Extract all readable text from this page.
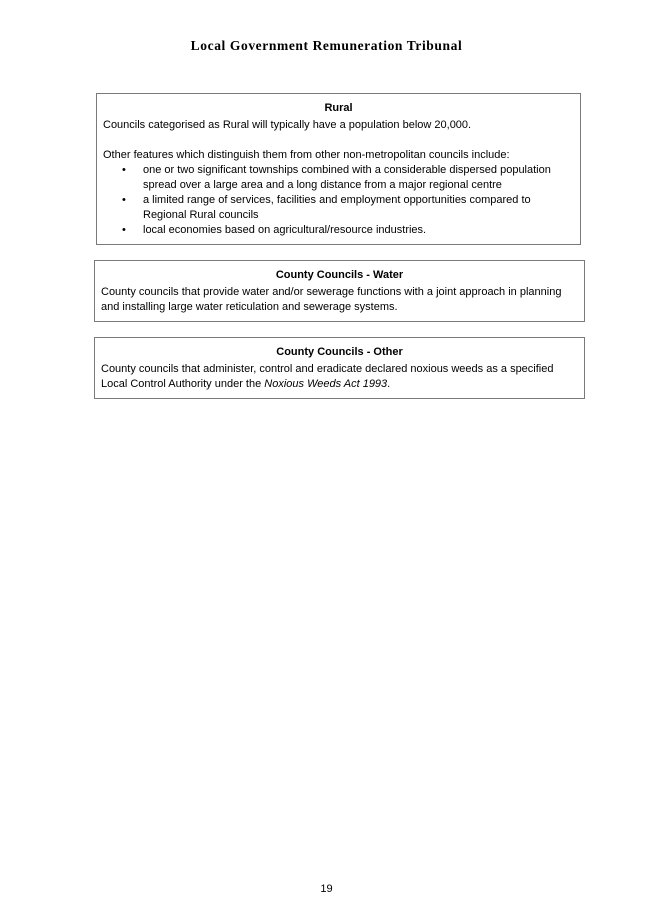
Local Government Remuneration Tribunal
Rural

Councils categorised as Rural will typically have a population below 20,000.

Other features which distinguish them from other non-metropolitan councils include:

• one or two significant townships combined with a considerable dispersed population spread over a large area and a long distance from a major regional centre
• a limited range of services, facilities and employment opportunities compared to Regional Rural councils
• local economies based on agricultural/resource industries.
County Councils - Water

County councils that provide water and/or sewerage functions with a joint approach in planning and installing large water reticulation and sewerage systems.

County Councils - Other

County councils that administer, control and eradicate declared noxious weeds as a specified Local Control Authority under the Noxious Weeds Act 1993.

19
